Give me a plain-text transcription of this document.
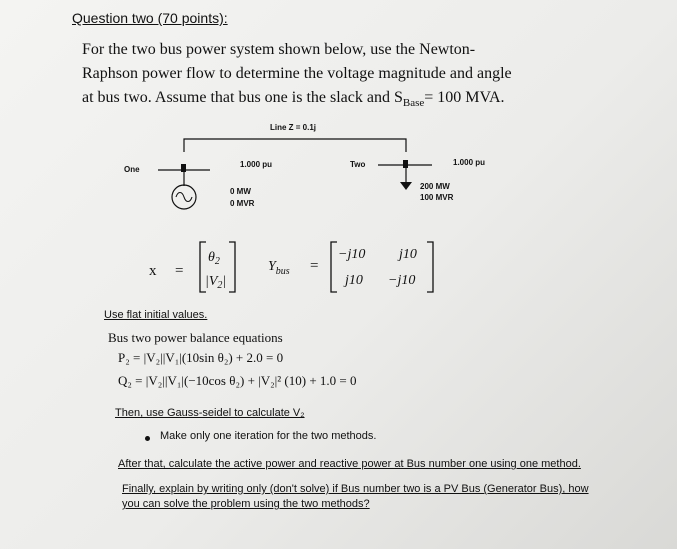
Question two (70 points):
For the two bus power system shown below, use the Newton-
Raphson power flow to determine the voltage magnitude and angle
at bus two. Assume that bus one is the slack and $S_{Base}= 100$ MVA.
Line Z = 0.1j
One
1.000 pu
0 MW
0 MVR
Two	1.000 pu
200 MW
100 MVR
x =
$\theta_2$
$|V_2|$
$Y_{bus}$ =
−j10 j10
j10 −j10
Use flat initial values.
Bus two power balance equations
P₂ = |V₂||V₁|(10sin θ₂) + 2.0 = 0
Q₂ = |V₂||V₁|(−10cos θ₂) + |V₂|² (10) + 1.0 = 0
Then, use Gauss-seidel to calculate V₂
Make only one iteration for the two methods.
After that, calculate the active power and reactive power at Bus number one using one method.
Finally, explain by writing only (don't solve) if Bus number two is a PV Bus (Generator Bus), how
you can solve the problem using the two methods?
